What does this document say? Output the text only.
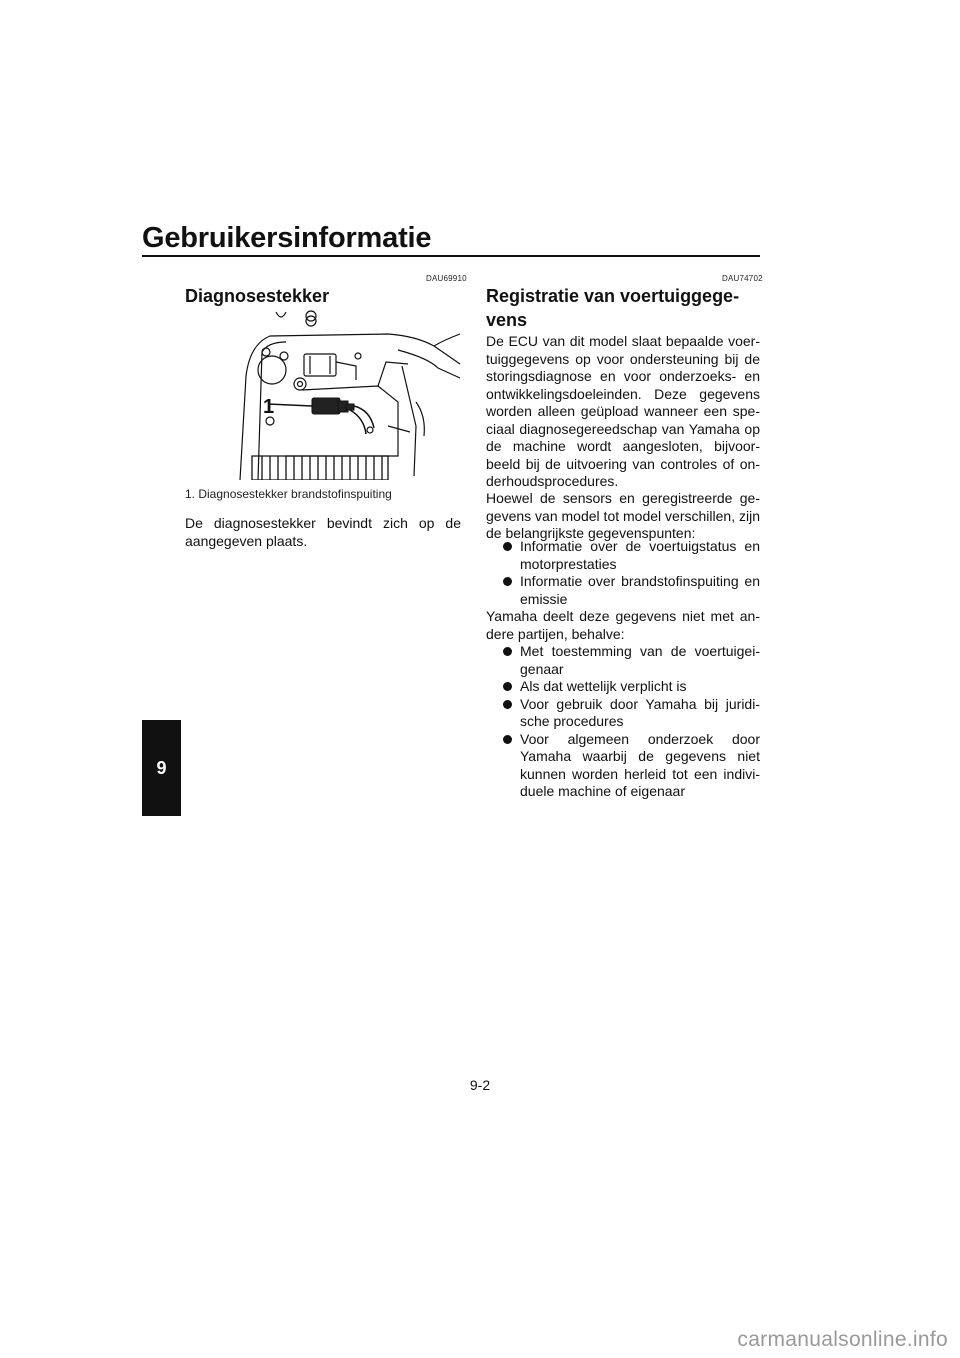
Gebruikersinformatie
9
DAU69910
Diagnosestekker
1
1. Diagnosestekker brandstofinspuiting

De diagnosestekker bevindt zich op de aangegeven plaats.

DAU74702
Registratie van voertuiggege-
vens

De ECU van dit model slaat bepaalde voer-tuiggegevens op voor ondersteuning bij de storingsdiagnose en voor onderzoeks- en ontwikkelingsdoeleinden. Deze gegevens worden alleen geüpload wanneer een spe-ciaal diagnosegereedschap van Yamaha op de machine wordt aangesloten, bijvoor-beeld bij de uitvoering van controles of on-derhoudsprocedures.

Hoewel de sensors en geregistreerde ge-gevens van model tot model verschillen, zijn de belangrijkste gegevenspunten:

Informatie over de voertuigstatus en motorprestaties
Informatie over brandstofinspuiting en emissie

Yamaha deelt deze gegevens niet met an-dere partijen, behalve:

Met toestemming van de voertuigei-genaar
Als dat wettelijk verplicht is
Voor gebruik door Yamaha bij juridi-sche procedures
Voor algemeen onderzoek door Yamaha waarbij de gegevens niet kunnen worden herleid tot een indivi-duele machine of eigenaar
9-2
carmanualsonline.info
